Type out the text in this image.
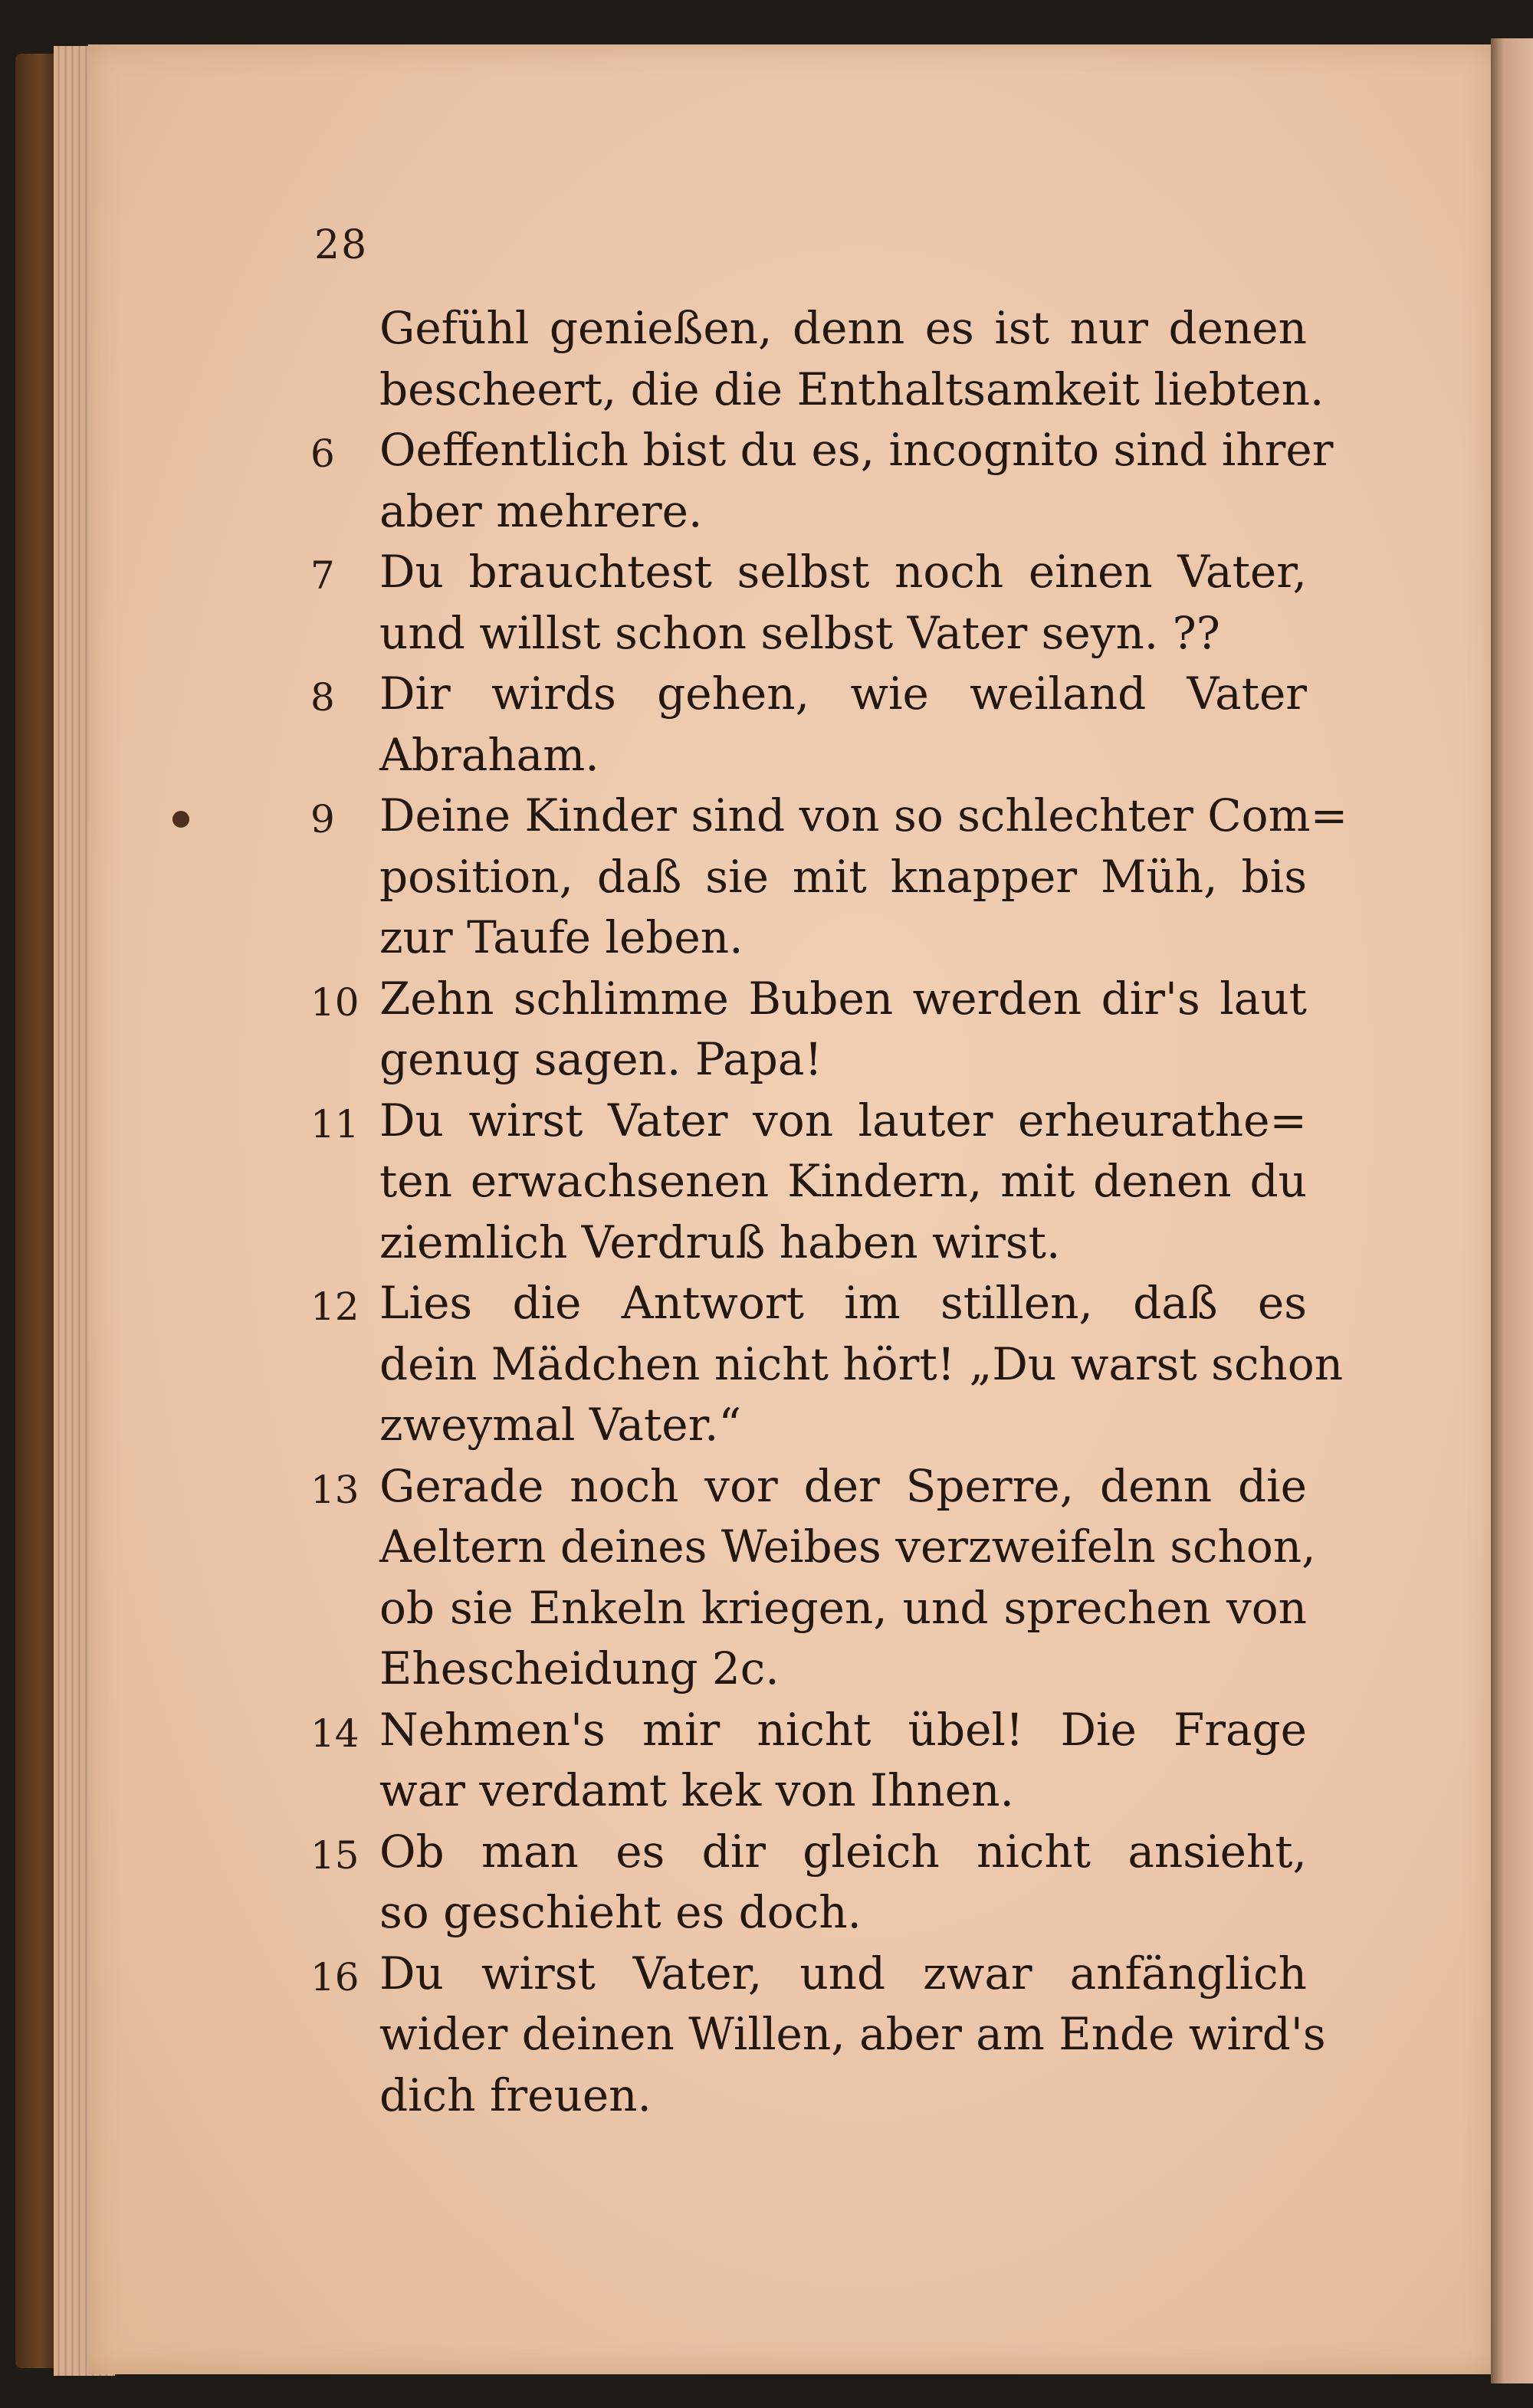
28
Gefühl genießen, denn es ist nur denen
bescheert, die die Enthaltsamkeit liebten.
6	Oeffentlich bist du es, incognito sind ihrer
aber mehrere.
7	Du brauchtest selbst noch einen Vater,
und willst schon selbst Vater seyn. ??
8	Dir wirds gehen, wie weiland Vater
Abraham.
9	Deine Kinder sind von so schlechter Com=
position, daß sie mit knapper Müh, bis
zur Taufe leben.
10 Zehn schlimme Buben werden dir's laut
genug sagen. Papa!
11 Du wirst Vater von lauter erheurathe=
ten erwachsenen Kindern, mit denen du
ziemlich Verdruß haben wirst.
12 Lies die Antwort im stillen, daß es
dein Mädchen nicht hört! „Du warst schon
zweymal Vater.“
13 Gerade noch vor der Sperre, denn die
Aeltern deines Weibes verzweifeln schon,
ob sie Enkeln kriegen, und sprechen von
Ehescheidung 2c.
14 Nehmen's mir nicht übel! Die Frage
war verdamt kek von Ihnen.
15 Ob man es dir gleich nicht ansieht,
so geschieht es doch.
16 Du wirst Vater, und zwar anfänglich
wider deinen Willen, aber am Ende wird's
dich freuen.
